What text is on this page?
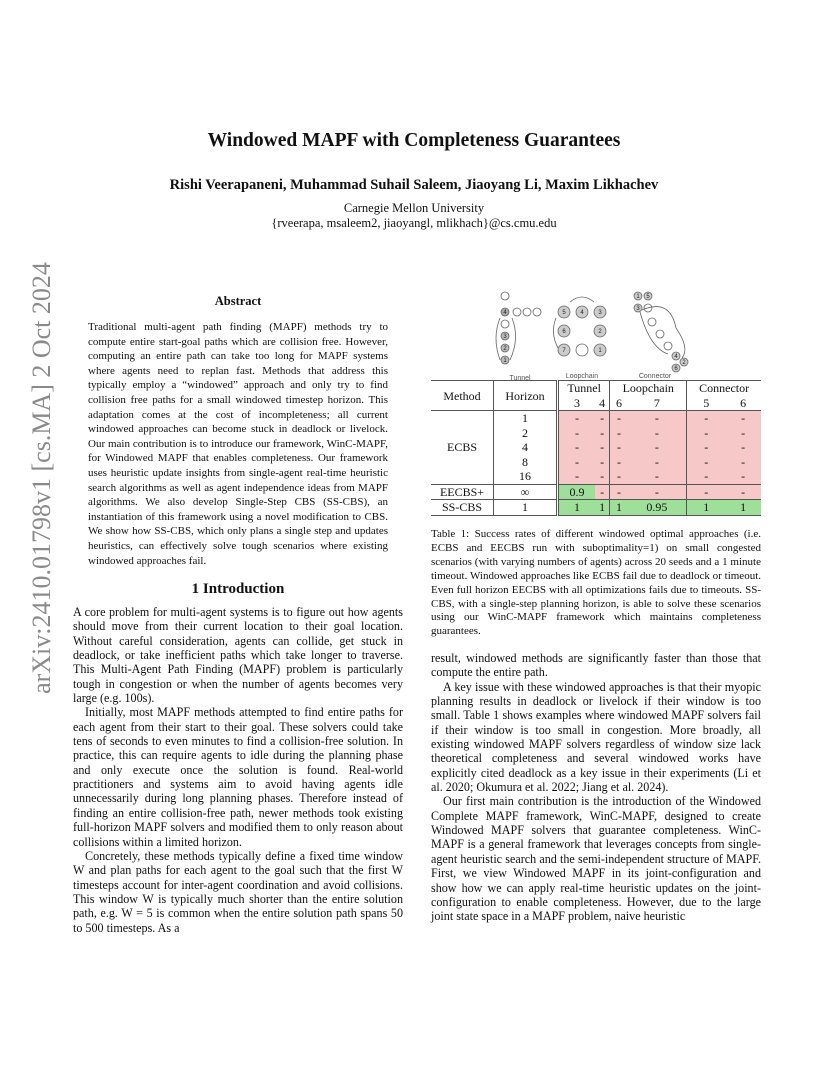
arXiv:2410.01798v1 [cs.MA] 2 Oct 2024
Windowed MAPF with Completeness Guarantees
Rishi Veerapaneni, Muhammad Suhail Saleem, Jiaoyang Li, Maxim Likhachev
Carnegie Mellon University
{rveerapa, msaleem2, jiaoyangl, mlikhach}@cs.cmu.edu
Abstract
Traditional multi-agent path finding (MAPF) methods try to compute entire start-goal paths which are collision free. However, computing an entire path can take too long for MAPF systems where agents need to replan fast. Methods that address this typically employ a “windowed” approach and only try to find collision free paths for a small windowed timestep horizon. This adaptation comes at the cost of incompleteness; all current windowed approaches can become stuck in deadlock or livelock. Our main contribution is to introduce our framework, WinC-MAPF, for Windowed MAPF that enables completeness. Our framework uses heuristic update insights from single-agent real-time heuristic search algorithms as well as agent independence ideas from MAPF algorithms. We also develop Single-Step CBS (SS-CBS), an instantiation of this framework using a novel modification to CBS. We show how SS-CBS, which only plans a single step and updates heuristics, can effectively solve tough scenarios where existing windowed approaches fail.
1 Introduction

A core problem for multi-agent systems is to figure out how agents should move from their current location to their goal location. Without careful consideration, agents can collide, get stuck in deadlock, or take inefficient paths which take longer to traverse. This Multi-Agent Path Finding (MAPF) problem is particularly tough in congestion or when the number of agents becomes very large (e.g. 100s).

Initially, most MAPF methods attempted to find entire paths for each agent from their start to their goal. These solvers could take tens of seconds to even minutes to find a collision-free solution. In practice, this can require agents to idle during the planning phase and only execute once the solution is found. Real-world practitioners and systems aim to avoid having agents idle unnecessarily during long planning phases. Therefore instead of finding an entire collision-free path, newer methods took existing full-horizon MAPF solvers and modified them to only reason about collisions within a limited horizon.

Concretely, these methods typically define a fixed time window W and plan paths for each agent to the goal such that the first W timesteps account for inter-agent coordination and avoid collisions. This window W is typically much shorter than the entire solution path, e.g. W = 5 is common when the entire solution path spans 50 to 500 timesteps. As a

4
3
2
1
5 4 3
6	2
7	1
1 5
3
4
2
6
Tunnel	Loopchain	Connector
Method	Horizon	Tunnel		Loopchain		Connector	
		3	4	6	7	5	6
	1	-	-	-	-	-	-
	2	-	-	-	-	-	-
ECBS	4	-	-	-	-	-	-
	8	-	-	-	-	-	-
	16	-	-	-	-	-	-
EECBS+	∞	0.9	-	-	-	-	-
SS-CBS	1	1	1	1	0.95	1	1
Table 1: Success rates of different windowed optimal approaches (i.e. ECBS and EECBS run with suboptimality=1) on small congested scenarios (with varying numbers of agents) across 20 seeds and a 1 minute timeout. Windowed approaches like ECBS fail due to deadlock or timeout. Even full horizon EECBS with all optimizations fails due to timeouts. SS-CBS, with a single-step planning horizon, is able to solve these scenarios using our WinC-MAPF framework which maintains completeness guarantees.

result, windowed methods are significantly faster than those that compute the entire path.

A key issue with these windowed approaches is that their myopic planning results in deadlock or livelock if their window is too small. Table 1 shows examples where windowed MAPF solvers fail if their window is too small in congestion. More broadly, all existing windowed MAPF solvers regardless of window size lack theoretical completeness and several windowed works have explicitly cited deadlock as a key issue in their experiments (Li et al. 2020; Okumura et al. 2022; Jiang et al. 2024).

Our first main contribution is the introduction of the Windowed Complete MAPF framework, WinC-MAPF, designed to create Windowed MAPF solvers that guarantee completeness. WinC-MAPF is a general framework that leverages concepts from single-agent heuristic search and the semi-independent structure of MAPF. First, we view Windowed MAPF in its joint-configuration and show how we can apply real-time heuristic updates on the joint-configuration to enable completeness. However, due to the large joint state space in a MAPF problem, naive heuristic
